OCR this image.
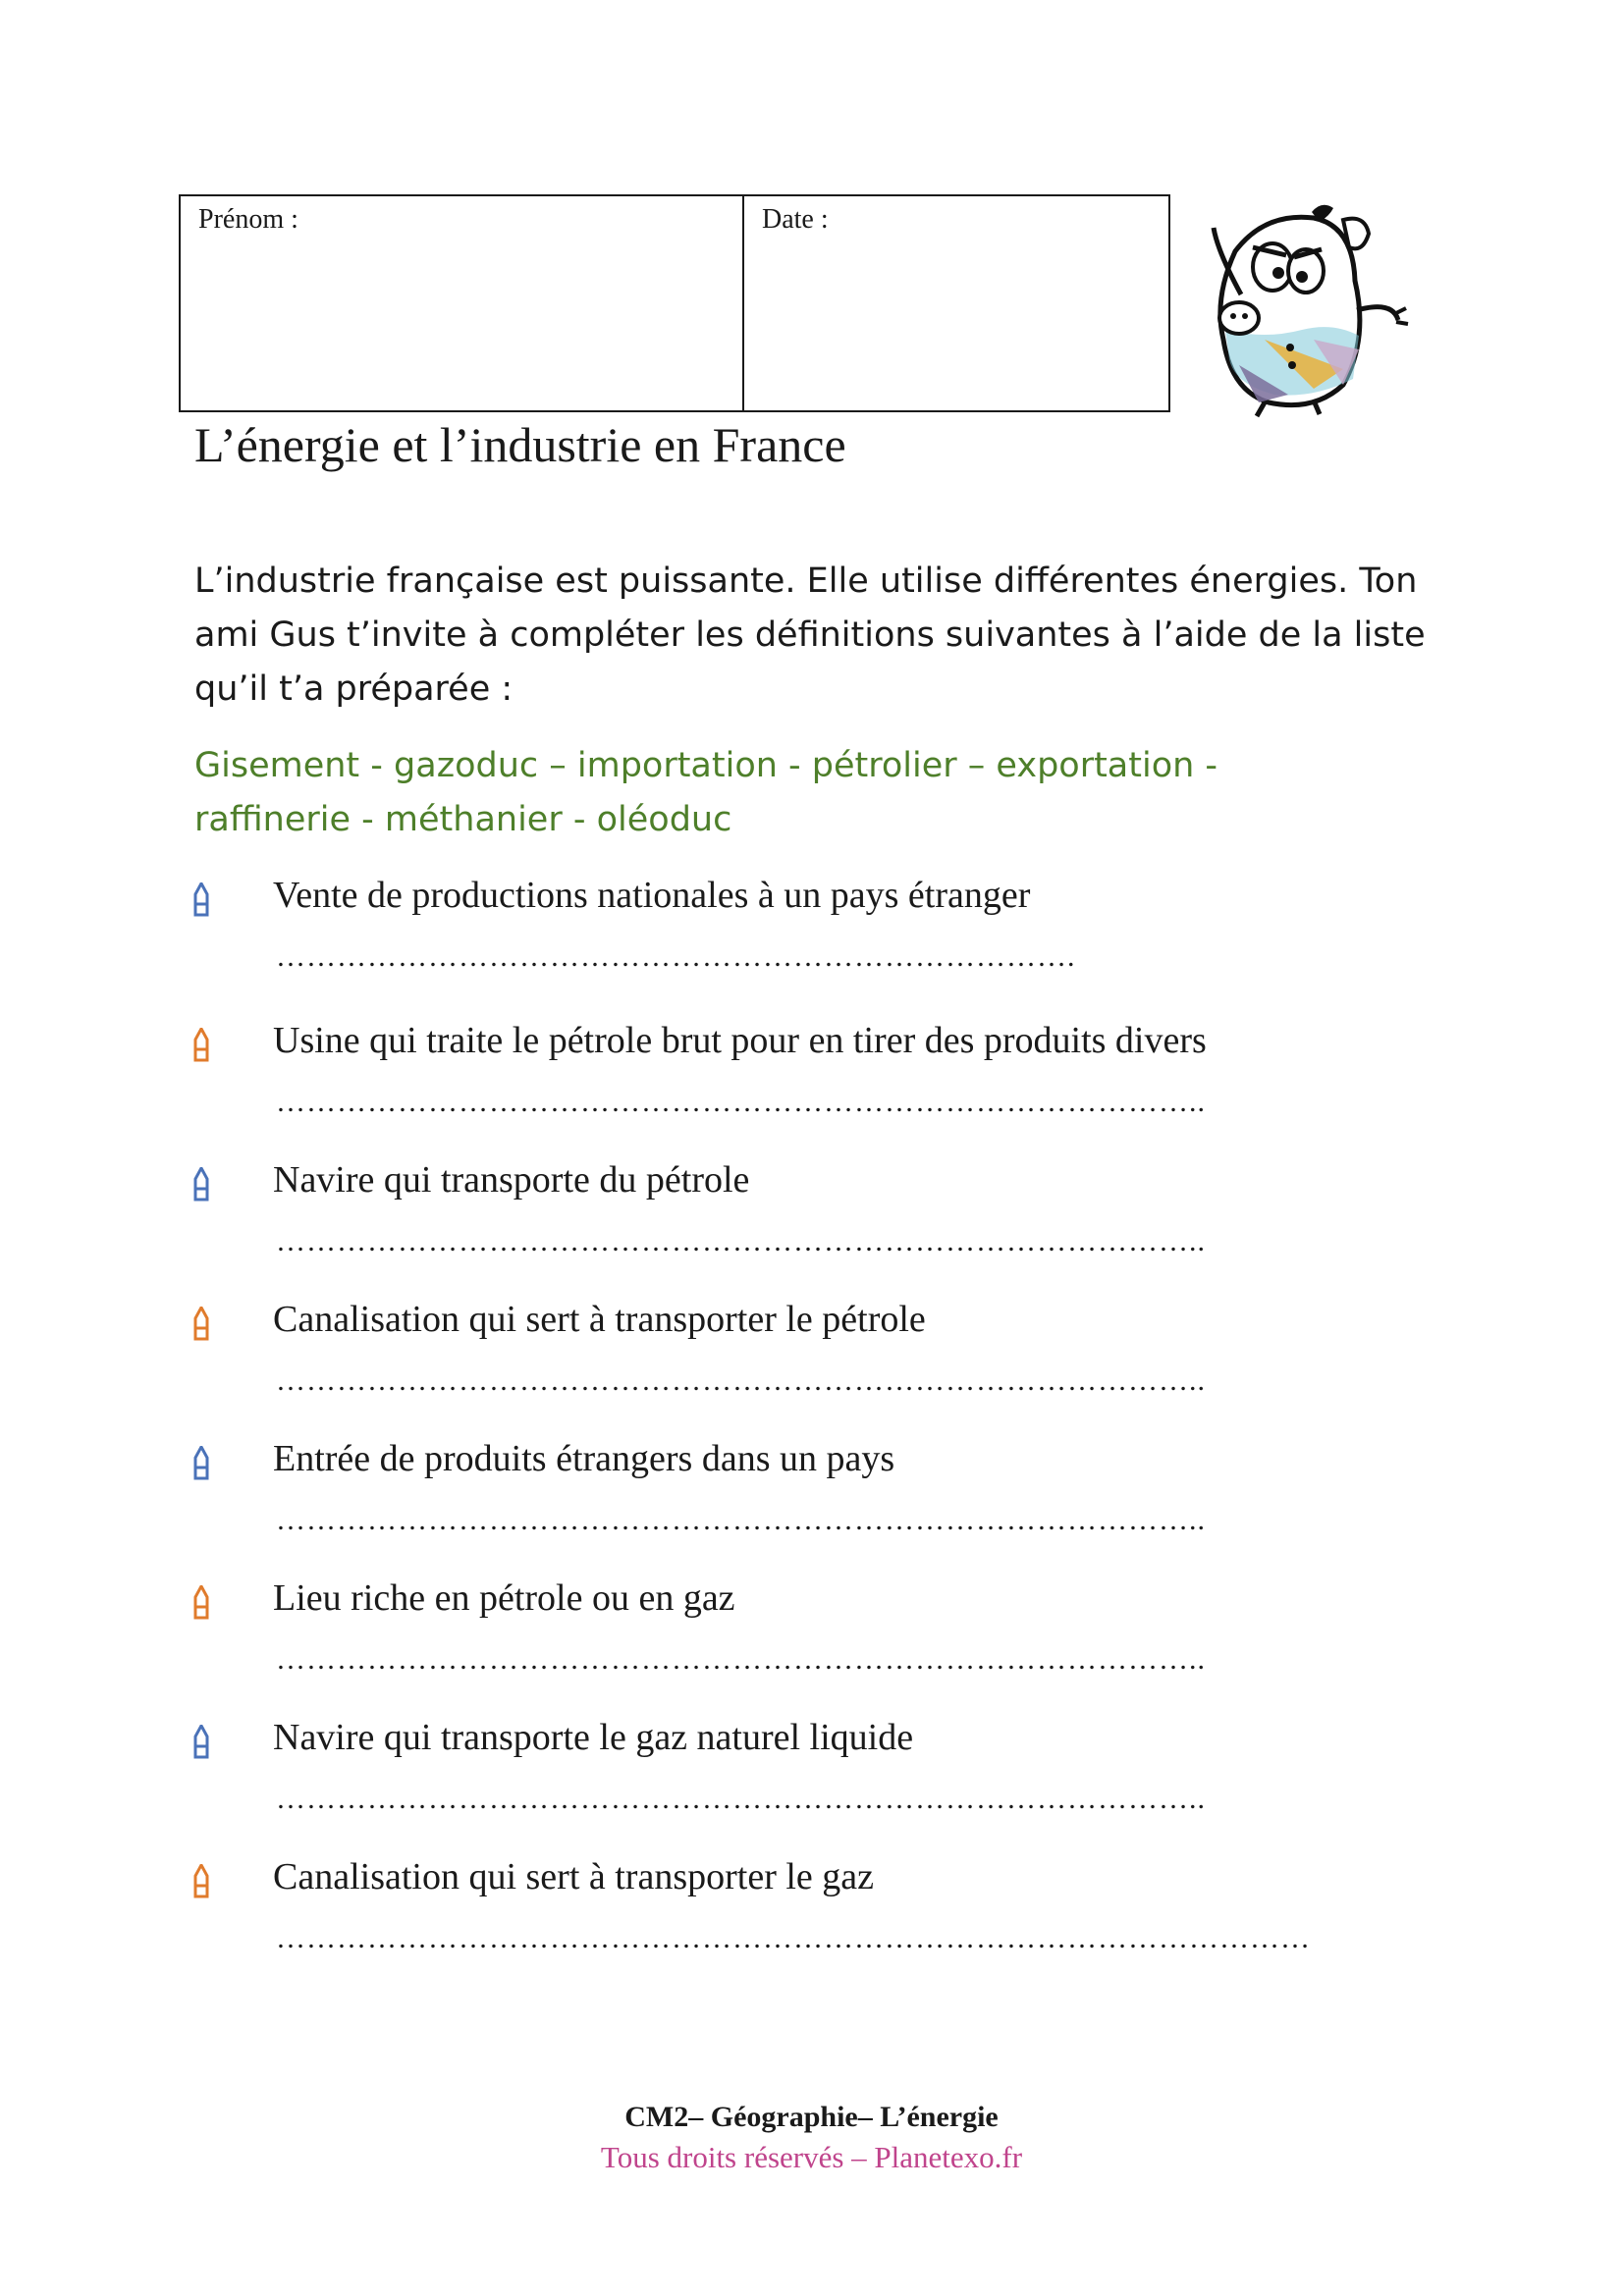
Prénom :	Date :
L’énergie et l’industrie en France
L’industrie française est puissante. Elle utilise différentes énergies. Ton ami Gus t’invite à compléter les définitions suivantes à l’aide de la liste qu’il t’a préparée :
Gisement - gazoduc – importation - pétrolier – exportation - raffinerie - méthanier - oléoduc
Vente de productions nationales à un pays étranger
…………………………………………………………………….
Usine qui traite le pétrole brut pour en tirer des produits divers
………………………………………………………………………………..
Navire qui transporte du pétrole
………………………………………………………………………………..
Canalisation qui sert à transporter le pétrole
………………………………………………………………………………..
Entrée de produits étrangers dans un pays
………………………………………………………………………………..
Lieu riche en pétrole ou en gaz
………………………………………………………………………………..
Navire qui transporte le gaz naturel liquide
………………………………………………………………………………..
Canalisation qui sert à transporter le gaz
…………………………………………………………………………………………
CM2– Géographie– L’énergie
Tous droits réservés – Planetexo.fr
